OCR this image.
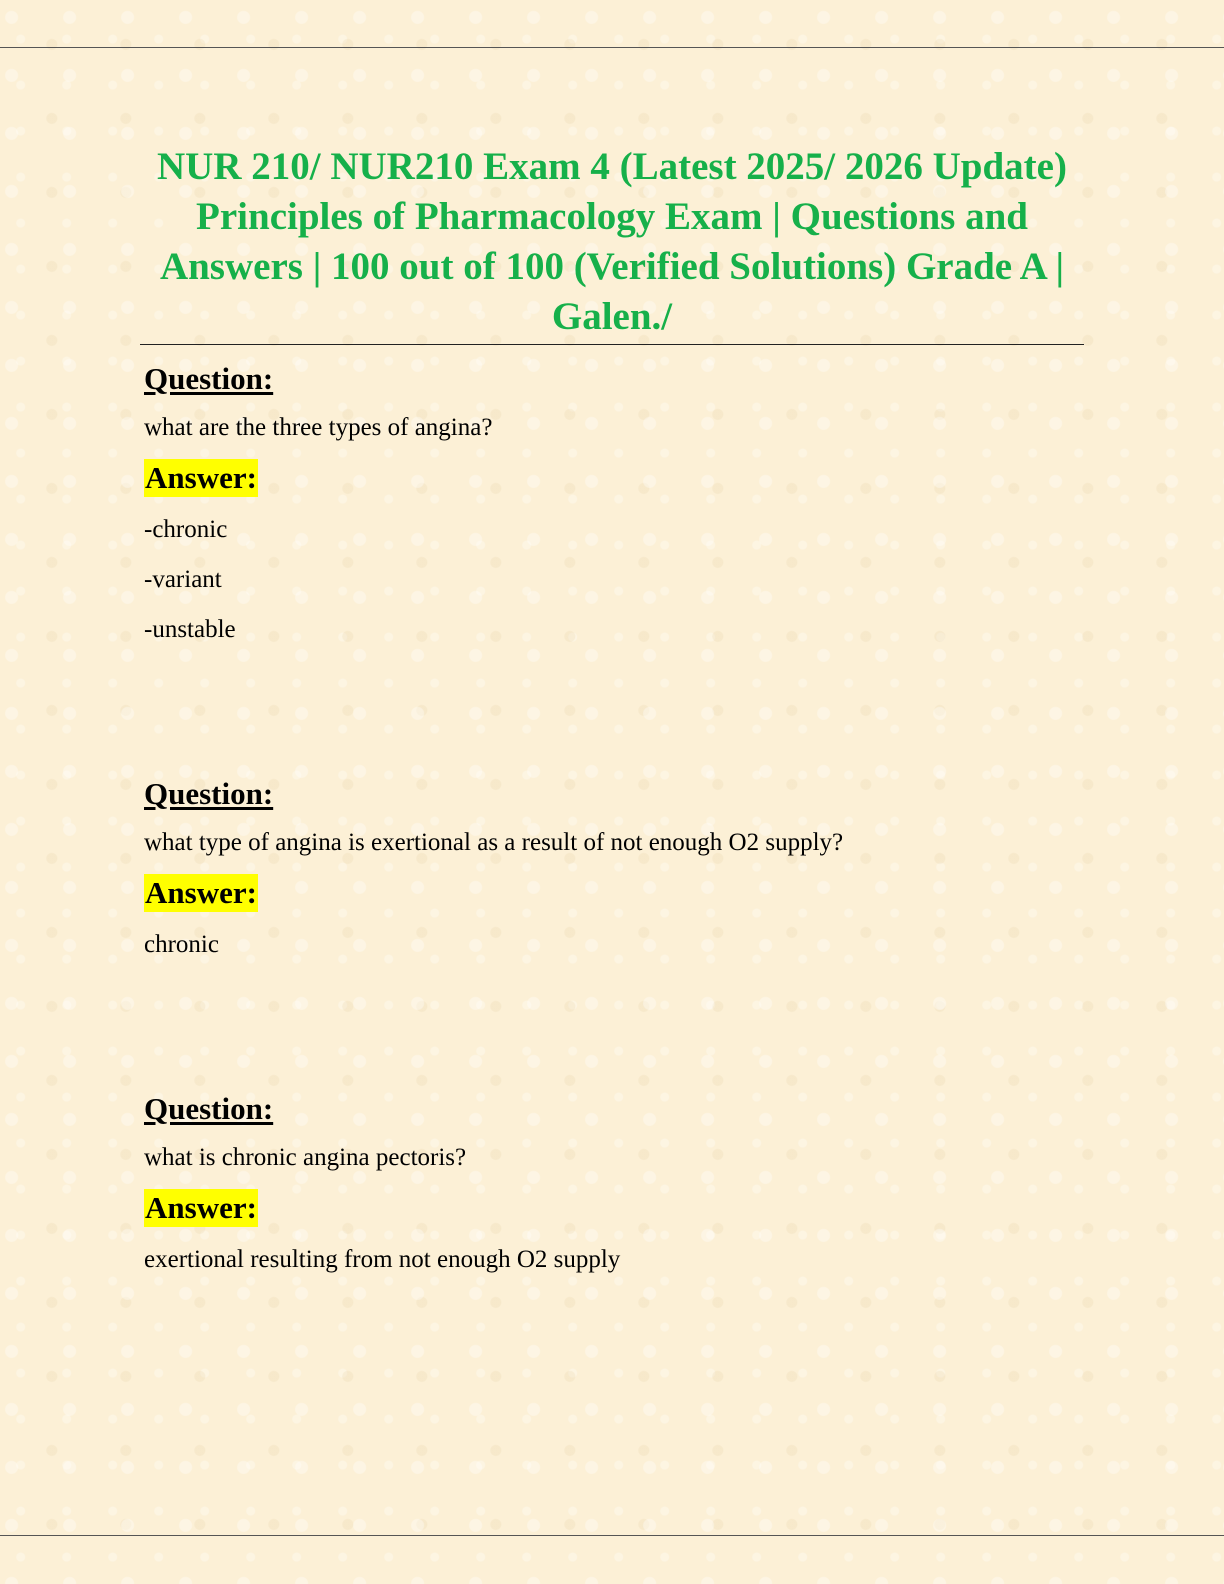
NUR 210/ NUR210 Exam 4 (Latest 2025/ 2026 Update) Principles of Pharmacology Exam | Questions and Answers | 100 out of 100 (Verified Solutions) Grade A | Galen./
Question:
what are the three types of angina?
Answer:
-chronic
-variant
-unstable
Question:
what type of angina is exertional as a result of not enough O2 supply?
Answer:
chronic
Question:
what is chronic angina pectoris?
Answer:
exertional resulting from not enough O2 supply
